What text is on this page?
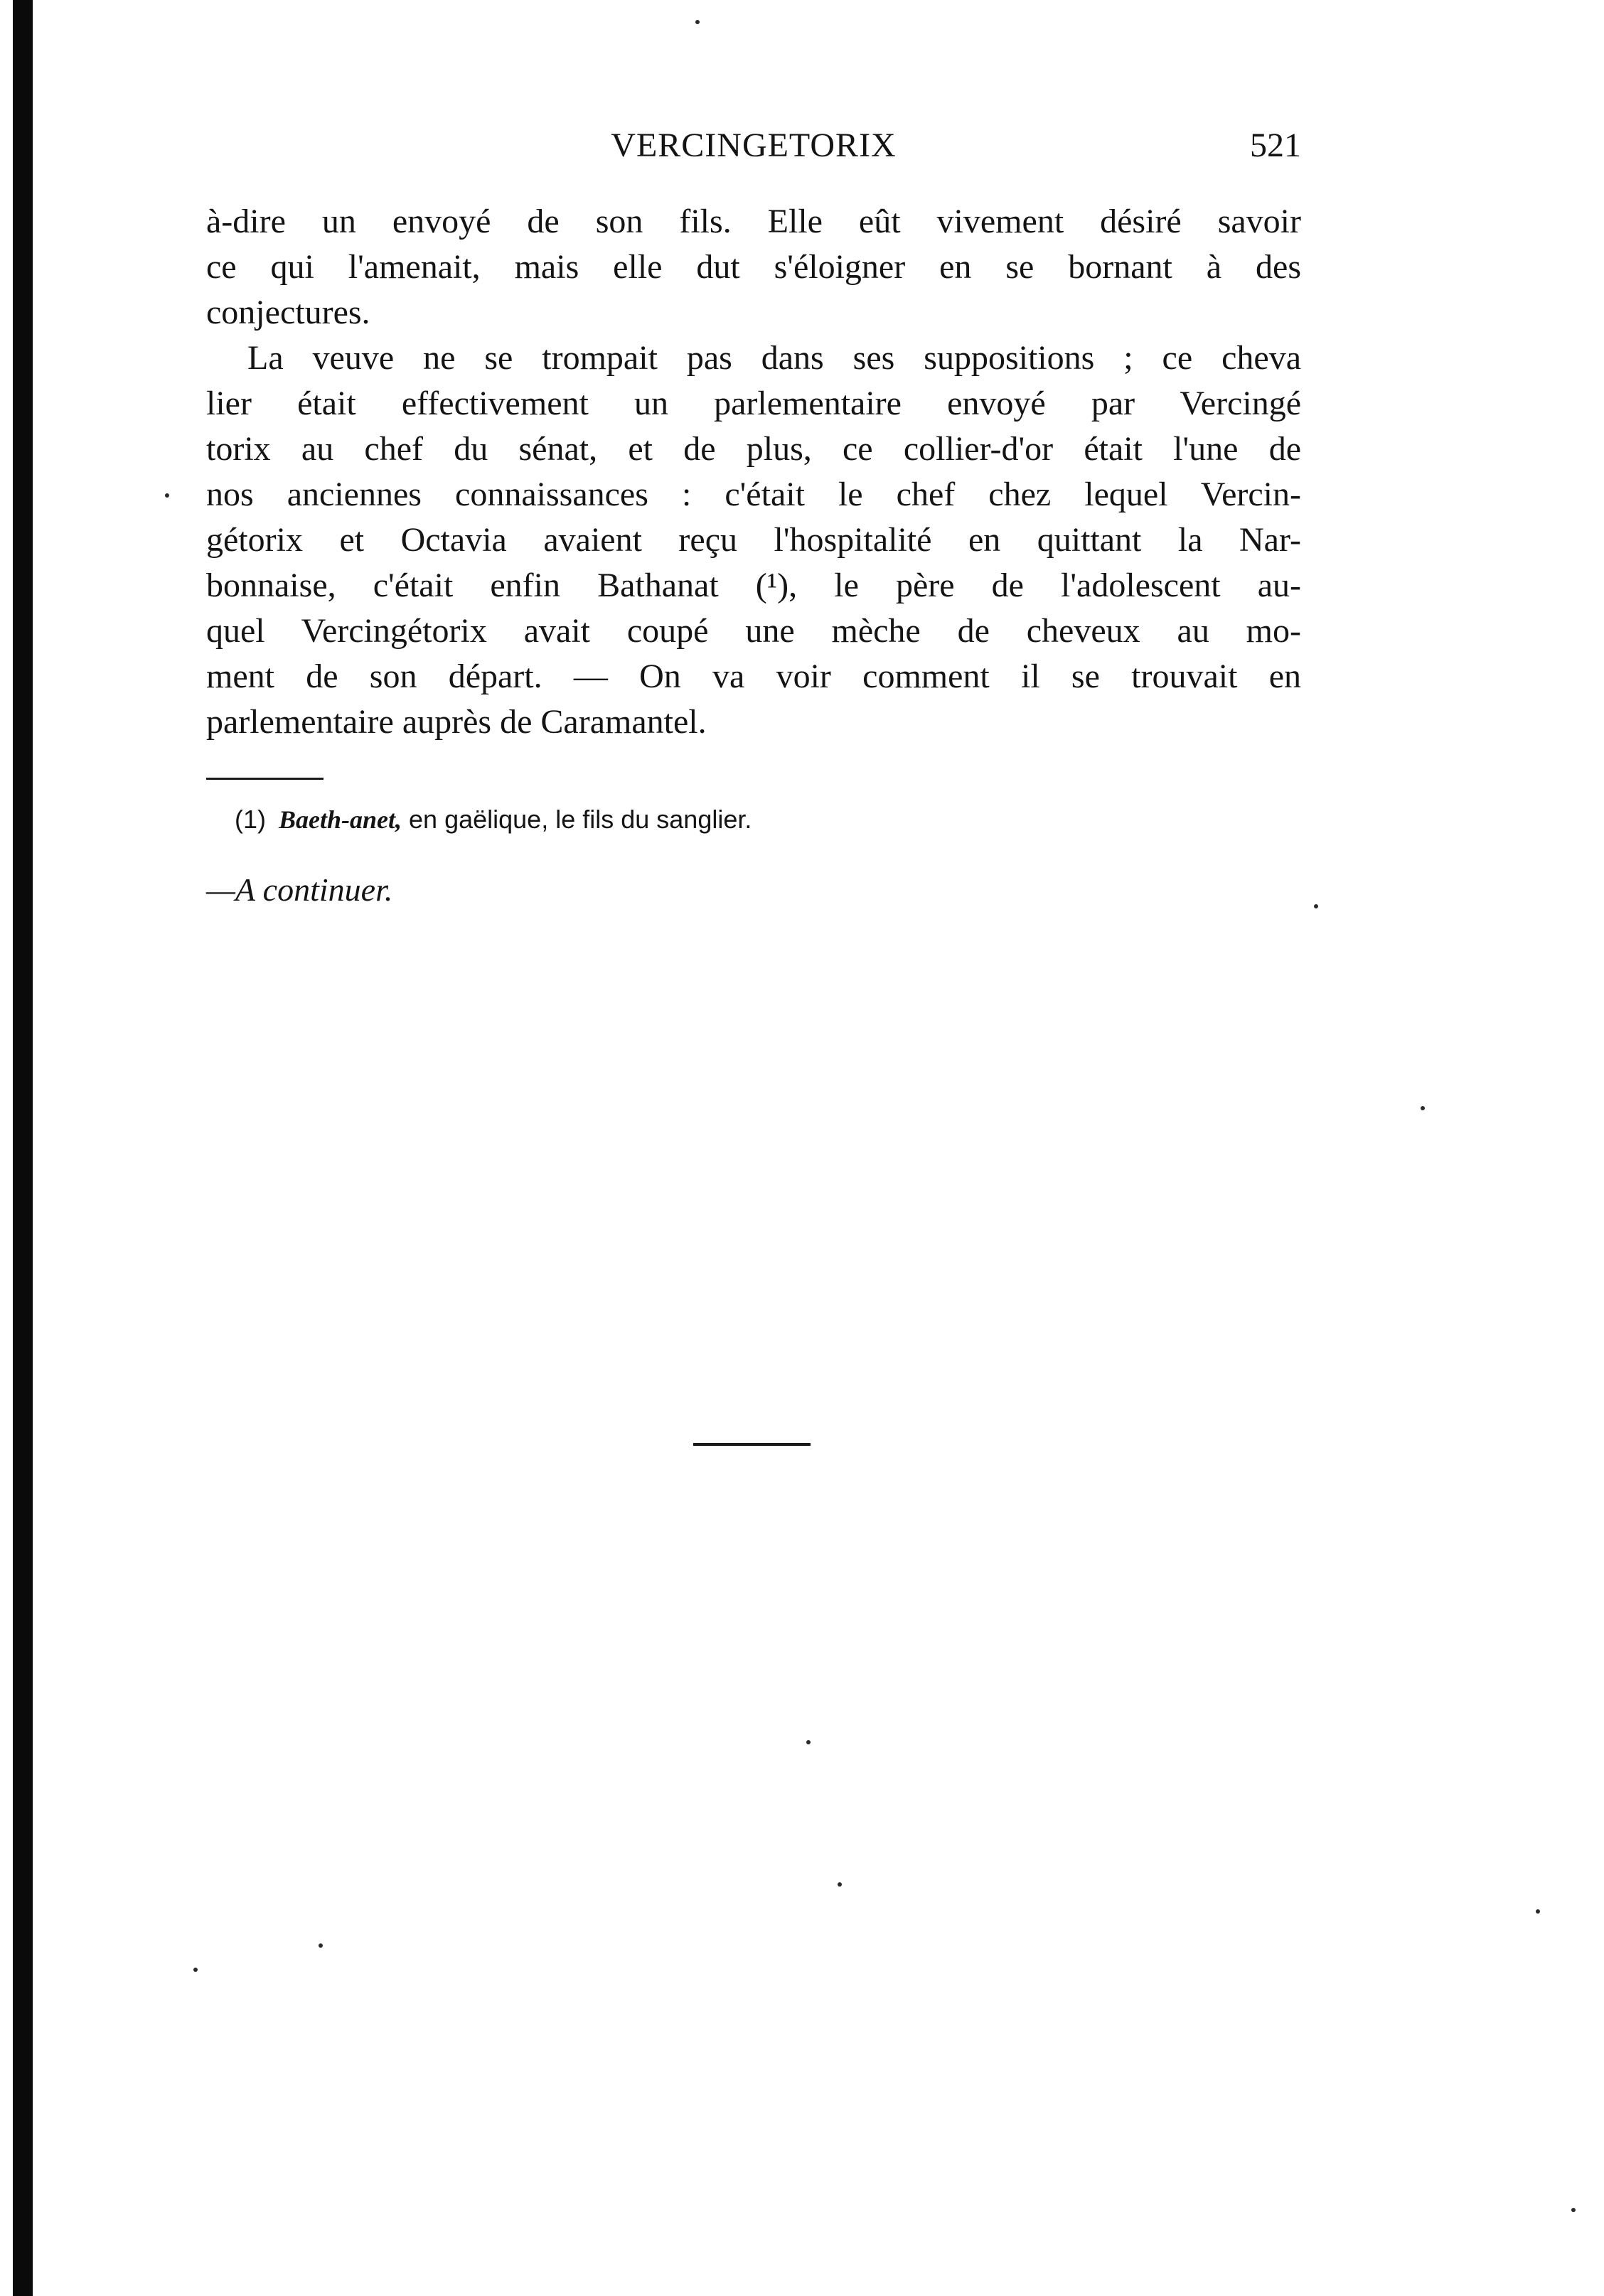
VERCINGETORIX	521
à-dire un envoyé de son fils. Elle eût vivement désiré savoir
ce qui l'amenait, mais elle dut s'éloigner en se bornant à des
conjectures.
La veuve ne se trompait pas dans ses suppositions ; ce cheva
lier était effectivement un parlementaire envoyé par Vercingé
torix au chef du sénat, et de plus, ce collier-d'or était l'une de
nos anciennes connaissances : c'était le chef chez lequel Vercin-
gétorix et Octavia avaient reçu l'hospitalité en quittant la Nar-
bonnaise, c'était enfin Bathanat (¹), le père de l'adolescent au-
quel Vercingétorix avait coupé une mèche de cheveux au mo-
ment de son départ. — On va voir comment il se trouvait en
parlementaire auprès de Caramantel.
(1) Baeth-anet, en gaëlique, le fils du sanglier.
—A continuer.
